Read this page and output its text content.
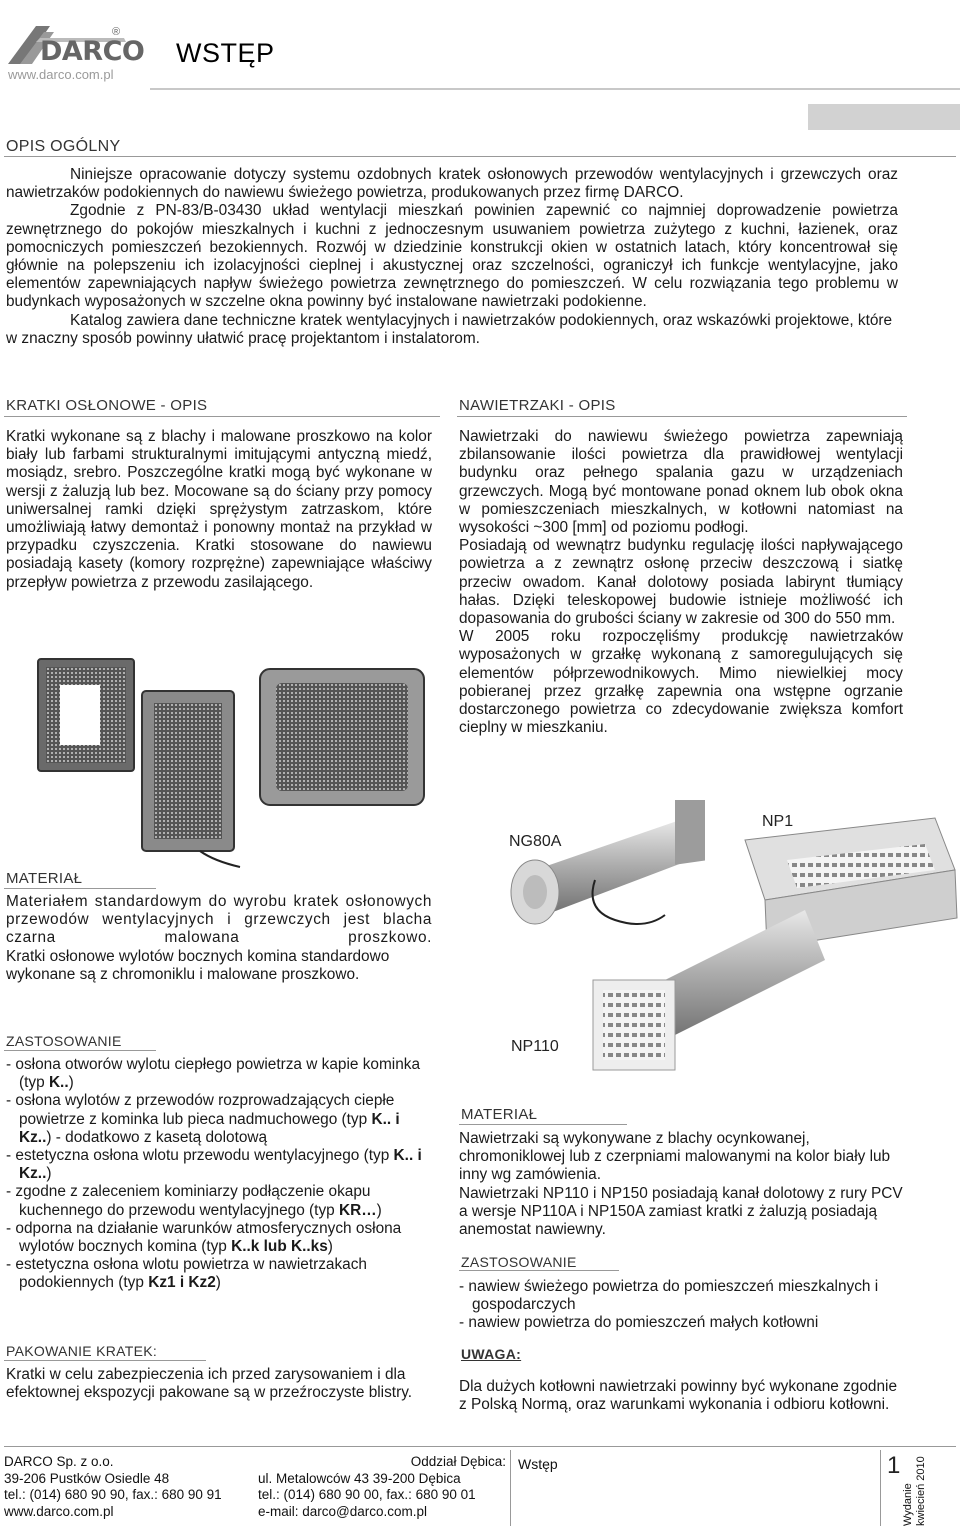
DARCO
®
www.darco.com.pl
WSTĘP
OPIS OGÓLNY

Niniejsze opracowanie dotyczy systemu ozdobnych kratek osłonowych przewodów wentylacyjnych i grzewczych oraz nawietrzaków podokiennych do nawiewu świeżego powietrza, produkowanych przez firmę DARCO.

Zgodnie z PN-83/B-03430 układ wentylacji mieszkań powinien zapewnić co najmniej doprowadzenie powietrza zewnętrznego do pokojów mieszkalnych i kuchni z jednoczesnym usuwaniem powietrza zużytego z kuchni, łazienek, oraz pomocniczych pomieszczeń bezokiennych. Rozwój w dziedzinie konstrukcji okien w ostatnich latach, który koncentrował się głównie na polepszeniu ich izolacyjności cieplnej i akustycznej oraz szczelności, ograniczył ich funkcje wentylacyjne, jako elementów zapewniających napływ świeżego powietrza zewnętrznego do pomieszczeń. W celu rozwiązania tego problemu w budynkach wyposażonych w szczelne okna powinny być instalowane nawietrzaki podokienne.

Katalog zawiera dane techniczne kratek wentylacyjnych i nawietrzaków podokiennych, oraz wskazówki projektowe, które w znaczny sposób powinny ułatwić pracę projektantom i instalatorom.

KRATKI OSŁONOWE - OPIS	NAWIETRZAKI - OPIS
Kratki wykonane są z blachy i malowane proszkowo na kolor biały lub farbami strukturalnymi imitującymi antyczną miedź, mosiądz, srebro. Poszczególne kratki mogą być wykonane w wersji z żaluzją lub bez. Mocowane są do ściany przy pomocy uniwersalnej ramki dzięki sprężystym zatrzaskom, które umożliwiają łatwy demontaż i ponowny montaż na przykład w przypadku czyszczenia. Kratki stosowane do nawiewu posiadają kasety (komory rozprężne) zapewniające właściwy przepływ powietrza z przewodu zasilającego.

Nawietrzaki do nawiewu świeżego powietrza zapewniają zbilansowanie ilości powietrza dla prawidłowej wentylacji budynku oraz pełnego spalania gazu w urządzeniach grzewczych. Mogą być montowane ponad oknem lub obok okna w pomieszczeniach mieszkalnych, w kotłowni natomiast na wysokości ~300 [mm] od poziomu podłogi.

Posiadają od wewnątrz budynku regulację ilości napływającego powietrza a z zewnątrz osłonę przeciw deszczową i siatkę przeciw owadom. Kanał dolotowy posiada labirynt tłumiący hałas. Dzięki teleskopowej budowie istnieje możliwość ich dopasowania do grubości ściany w zakresie od 300 do 550 mm.

W 2005 roku rozpoczęliśmy produkcję nawietrzaków wyposażonych w grzałkę wykonaną z samoregulujących się elementów półprzewodnikowych. Mimo niewielkiej mocy pobieranej przez grzałkę zapewnia ona wstępne ogrzanie dostarczonego powietrza co zdecydowanie zwiększa komfort cieplny w mieszkaniu.

NG80A
NP1
NP110
MATERIAŁ

Materiałem standardowym do wyrobu kratek osłonowych przewodów wentylacyjnych i grzewczych jest blacha czarna malowana proszkowo.

Kratki osłonowe wylotów bocznych komina standardowo wykonane są z chromoniklu i malowane proszkowo.

ZASTOSOWANIE
- osłona otworów wylotu ciepłego powietrza w kapie kominka (typ K..)
- osłona wylotów z przewodów rozprowadzających ciepłe powietrze z kominka lub pieca nadmuchowego (typ K.. i Kz..) - dodatkowo z kasetą dolotową
- estetyczna osłona wlotu przewodu wentylacyjnego (typ K.. i Kz..)
- zgodne z zaleceniem kominiarzy podłączenie okapu kuchennego do przewodu wentylacyjnego (typ KR…)
- odporna na działanie warunków atmosferycznych osłona wylotów bocznych komina (typ K..k lub K..ks)
- estetyczna osłona wlotu powietrza w nawietrzakach podokiennych (typ Kz1 i Kz2)
PAKOWANIE KRATEK:
Kratki w celu zabezpieczenia ich przed zarysowaniem i dla efektownej ekspozycji pakowane są w przeźroczyste blistry.
MATERIAŁ

Nawietrzaki są wykonywane z blachy ocynkowanej, chromoniklowej lub z czerpniami malowanymi na kolor biały lub inny wg zamówienia.

Nawietrzaki NP110 i NP150 posiadają kanał dolotowy z rury PCV a wersje NP110A i NP150A zamiast kratki z żaluzją posiadają anemostat nawiewny.

ZASTOSOWANIE
- nawiew świeżego powietrza do pomieszczeń mieszkalnych i gospodarczych
- nawiew powietrza do pomieszczeń małych kotłowni
UWAGA:
Dla dużych kotłowni nawietrzaki powinny być wykonane zgodnie z Polską Normą, oraz warunkami wykonania i odbioru kotłowni.
DARCO Sp. z o.o.
39-206 Pustków Osiedle 48
tel.: (014) 680 90 90, fax.: 680 90 91
www.darco.com.pl
Oddział Dębica:
ul. Metalowców 43 39-200 Dębica
tel.: (014) 680 90 00, fax.: 680 90 01
e-mail: darco@darco.com.pl
Wstęp	1
Wydanie kwiecień 2010
